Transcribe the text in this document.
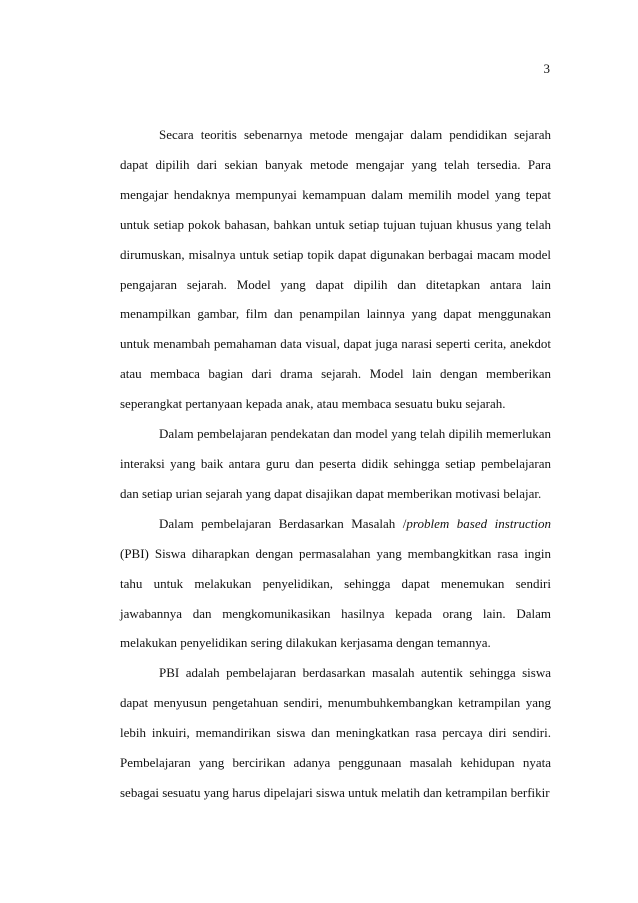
3

Secara teoritis sebenarnya metode mengajar dalam pendidikan sejarah dapat dipilih dari sekian banyak metode mengajar yang telah tersedia. Para mengajar hendaknya mempunyai kemampuan dalam memilih model yang tepat untuk setiap pokok bahasan, bahkan untuk setiap tujuan tujuan khusus yang telah dirumuskan, misalnya untuk setiap topik dapat digunakan berbagai macam model pengajaran sejarah. Model yang dapat dipilih dan ditetapkan antara lain menampilkan gambar, film dan penampilan lainnya yang dapat menggunakan untuk menambah pemahaman data visual, dapat juga narasi seperti cerita, anekdot atau membaca bagian dari drama sejarah. Model lain dengan memberikan seperangkat pertanyaan kepada anak, atau membaca sesuatu buku sejarah.

Dalam pembelajaran pendekatan dan model yang telah dipilih memerlukan interaksi yang baik antara guru dan peserta didik sehingga setiap pembelajaran dan setiap urian sejarah yang dapat disajikan dapat memberikan motivasi belajar.

Dalam pembelajaran Berdasarkan Masalah /problem based instruction (PBI) Siswa diharapkan dengan permasalahan yang membangkitkan rasa ingin tahu untuk melakukan penyelidikan, sehingga dapat menemukan sendiri jawabannya dan mengkomunikasikan hasilnya kepada orang lain. Dalam melakukan penyelidikan sering dilakukan kerjasama dengan temannya.

PBI adalah pembelajaran berdasarkan masalah autentik sehingga siswa dapat menyusun pengetahuan sendiri, menumbuhkembangkan ketrampilan yang lebih inkuiri, memandirikan siswa dan meningkatkan rasa percaya diri sendiri. Pembelajaran yang bercirikan adanya penggunaan masalah kehidupan nyata sebagai sesuatu yang harus dipelajari siswa untuk melatih dan ketrampilan berfikir
